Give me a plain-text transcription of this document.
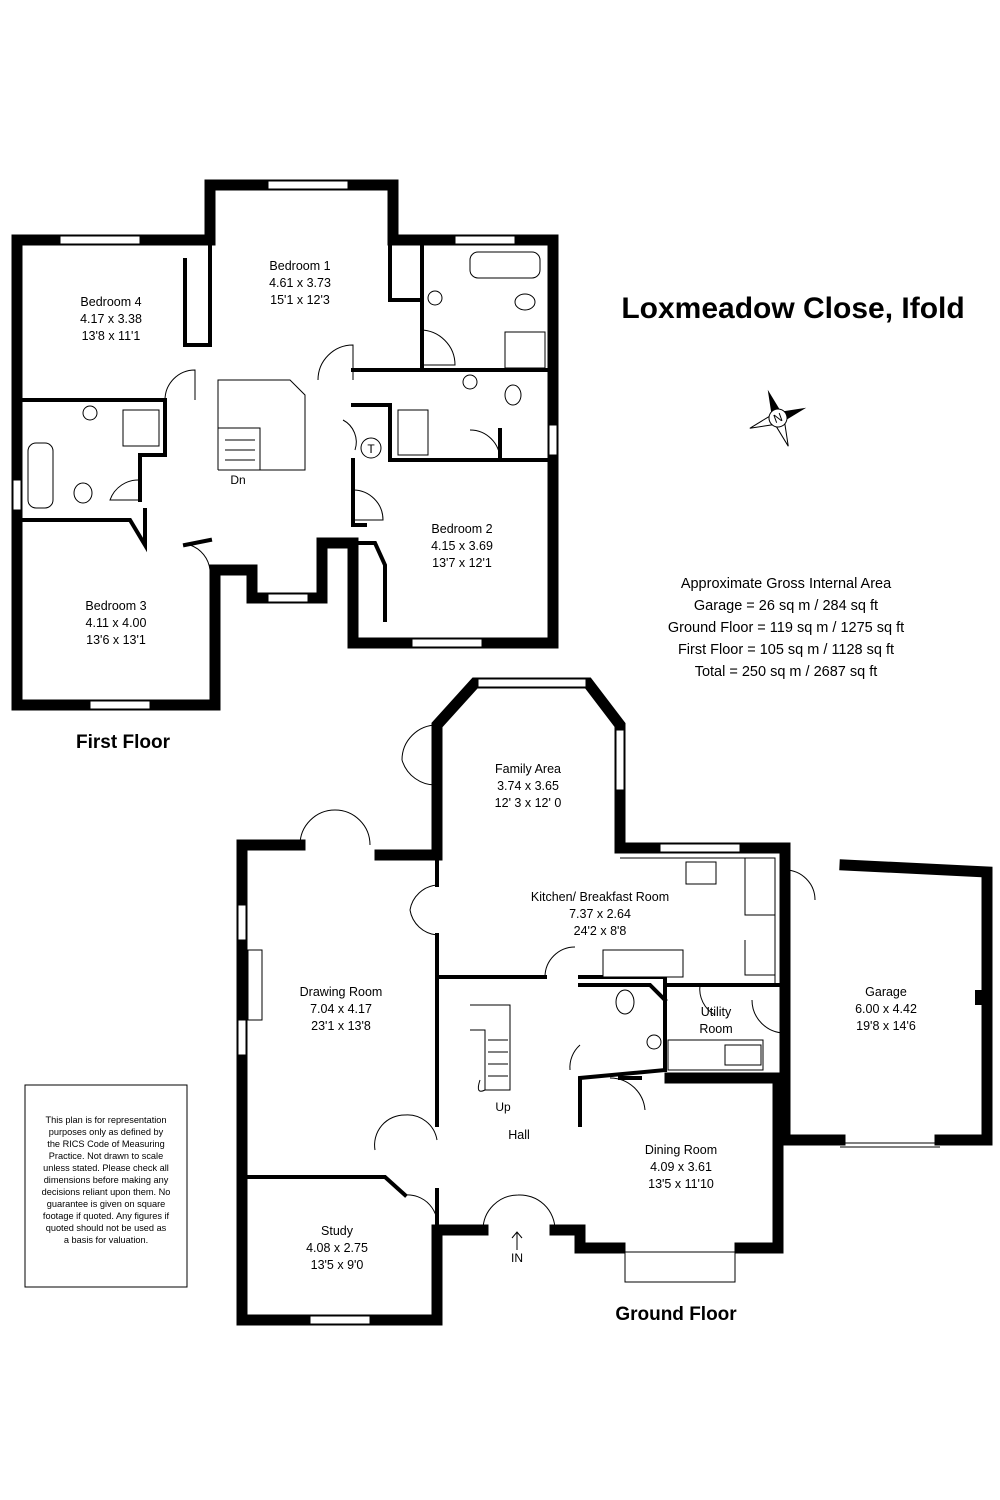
Loxmeadow Close, Ifold
N
Approximate Gross Internal Area
Garage = 26 sq m / 284 sq ft
Ground Floor = 119 sq m / 1275 sq ft
First Floor = 105 sq m / 1128 sq ft
Total = 250 sq m / 2687 sq ft
T
Bedroom 1
4.61 x 3.73
15'1 x 12'3
Bedroom 4
4.17 x 3.38
13'8 x 11'1
Bedroom 2
4.15 x 3.69
13'7 x 12'1
Bedroom 3
4.11 x 4.00
13'6 x 13'1
Dn
First Floor
Family Area
3.74 x 3.65
12' 3 x 12' 0
Kitchen/ Breakfast Room
7.37 x 2.64
24'2 x 8'8
Drawing Room
7.04 x 4.17
23'1 x 13'8
Garage
6.00 x 4.42
19'8 x 14'6
Utility
Room
Dining Room
4.09 x 3.61
13'5 x 11'10
Study
4.08 x 2.75
13'5 x 9'0
Hall
Up
IN
Ground Floor
This plan is for representation
purposes only as defined by
the RICS Code of Measuring
Practice. Not drawn to scale
unless stated. Please check all
dimensions before making any
decisions reliant upon them. No
guarantee is given on square
footage if quoted. Any figures if
quoted should not be used as
a basis for valuation.
